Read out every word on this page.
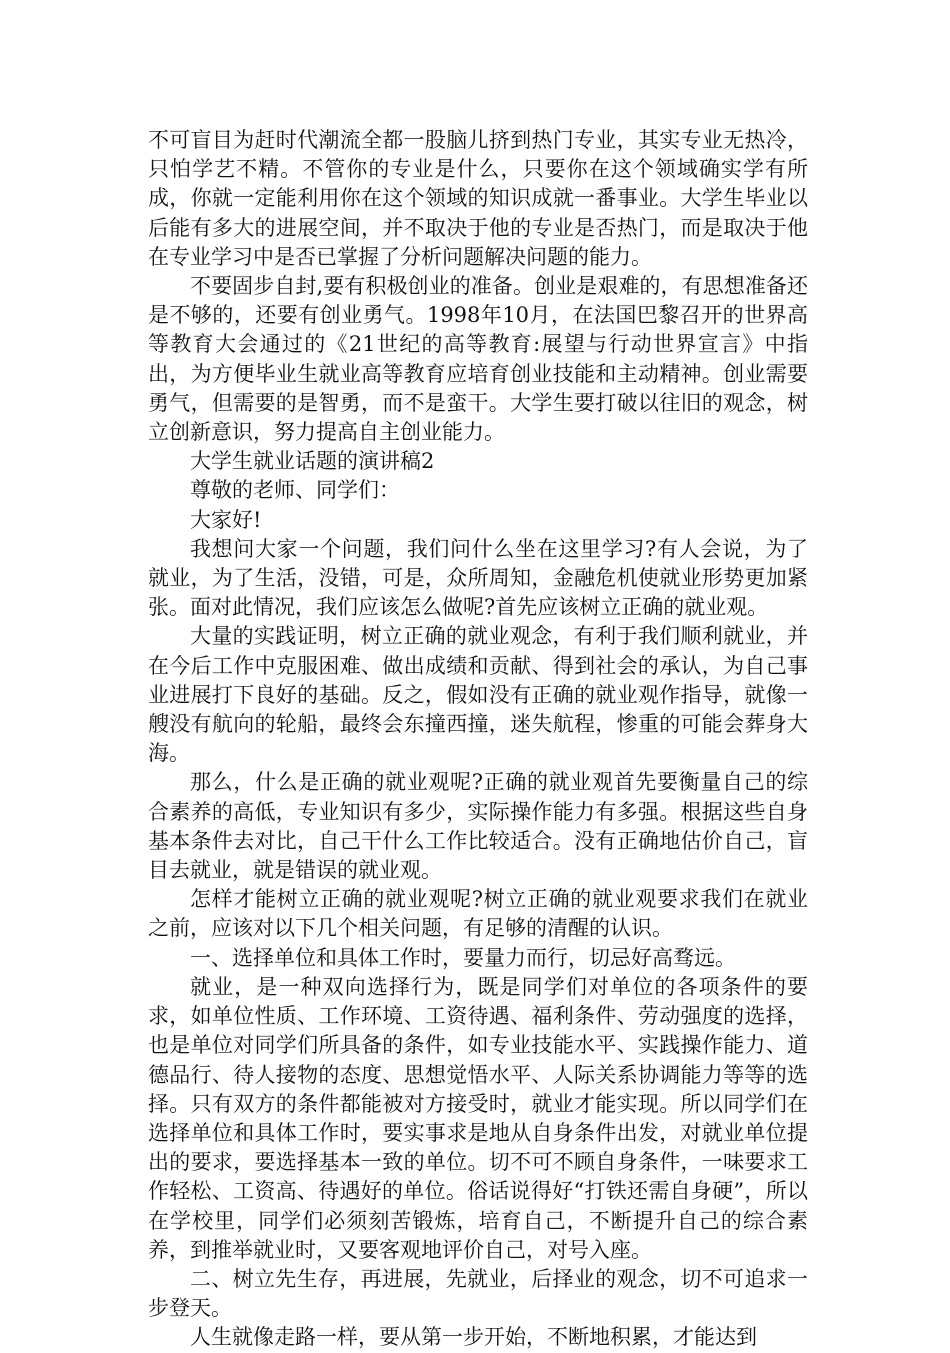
不可盲目为赶时代潮流全都一股脑儿挤到热门专业，其实专业无热冷，只怕学艺不精。不管你的专业是什么，只要你在这个领域确实学有所成，你就一定能利用你在这个领域的知识成就一番事业。大学生毕业以后能有多大的进展空间，并不取决于他的专业是否热门，而是取决于他在专业学习中是否已掌握了分析问题解决问题的能力。

不要固步自封,要有积极创业的准备。创业是艰难的，有思想准备还是不够的，还要有创业勇气。1998年10月，在法国巴黎召开的世界高等教育大会通过的《21世纪的高等教育:展望与行动世界宣言》中指出，为方便毕业生就业高等教育应培育创业技能和主动精神。创业需要勇气，但需要的是智勇，而不是蛮干。大学生要打破以往旧的观念，树立创新意识，努力提高自主创业能力。

大学生就业话题的演讲稿2

尊敬的老师、同学们：

大家好!

我想问大家一个问题，我们问什么坐在这里学习?有人会说，为了就业，为了生活，没错，可是，众所周知，金融危机使就业形势更加紧张。面对此情况，我们应该怎么做呢?首先应该树立正确的就业观。

大量的实践证明，树立正确的就业观念，有利于我们顺利就业，并在今后工作中克服困难、做出成绩和贡献、得到社会的承认，为自己事业进展打下良好的基础。反之，假如没有正确的就业观作指导，就像一艘没有航向的轮船，最终会东撞西撞，迷失航程，惨重的可能会葬身大海。

那么，什么是正确的就业观呢?正确的就业观首先要衡量自己的综合素养的高低，专业知识有多少，实际操作能力有多强。根据这些自身基本条件去对比，自己干什么工作比较适合。没有正确地估价自己，盲目去就业，就是错误的就业观。

怎样才能树立正确的就业观呢?树立正确的就业观要求我们在就业之前，应该对以下几个相关问题，有足够的清醒的认识。

一、选择单位和具体工作时，要量力而行，切忌好高骛远。

就业，是一种双向选择行为，既是同学们对单位的各项条件的要求，如单位性质、工作环境、工资待遇、福利条件、劳动强度的选择，也是单位对同学们所具备的条件，如专业技能水平、实践操作能力、道德品行、待人接物的态度、思想觉悟水平、人际关系协调能力等等的选择。只有双方的条件都能被对方接受时，就业才能实现。所以同学们在选择单位和具体工作时，要实事求是地从自身条件出发，对就业单位提出的要求，要选择基本一致的单位。切不可不顾自身条件，一味要求工作轻松、工资高、待遇好的单位。俗话说得好“打铁还需自身硬”，所以在学校里，同学们必须刻苦锻炼，培育自己，不断提升自己的综合素养，到推举就业时，又要客观地评价自己，对号入座。

二、树立先生存，再进展，先就业，后择业的观念，切不可追求一步登天。

人生就像走路一样，要从第一步开始，不断地积累，才能达到
